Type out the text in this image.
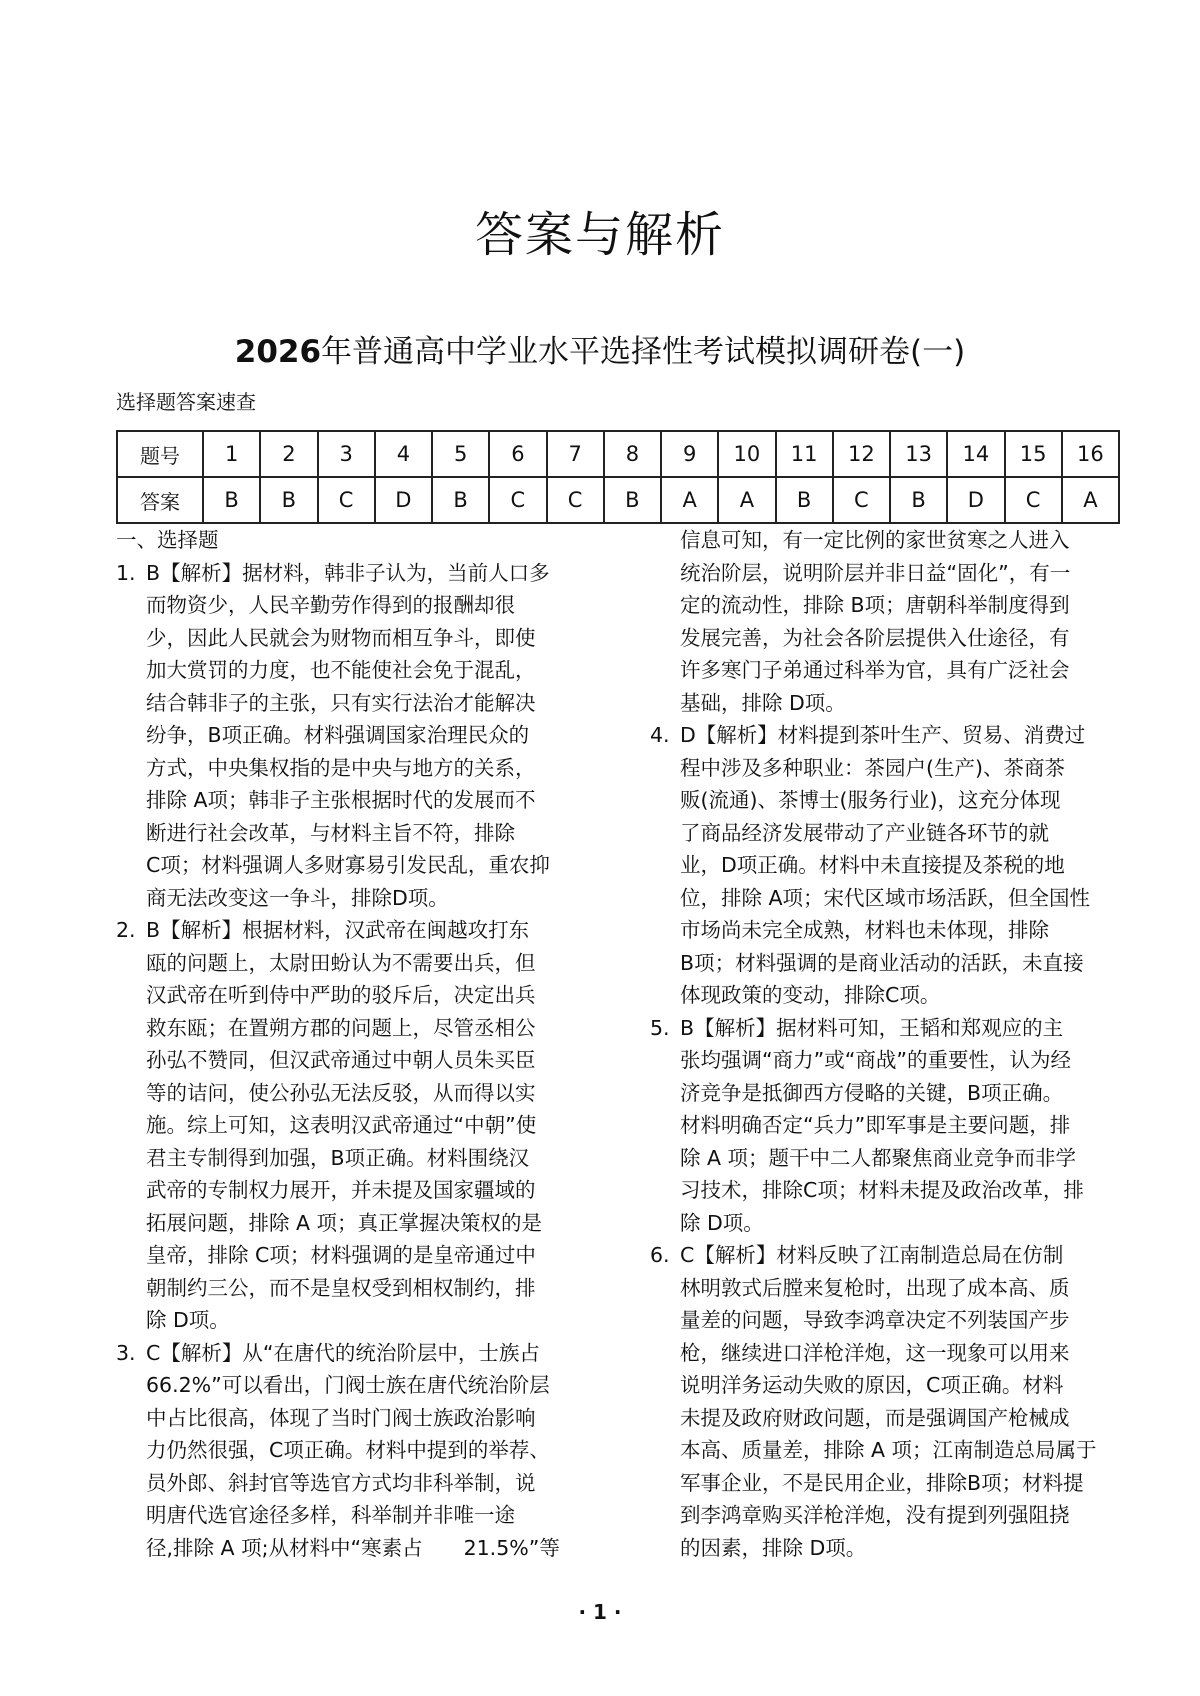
答案与解析
2026年普通高中学业水平选择性考试模拟调研卷(一)
选择题答案速查
题号	1	2	3	4	5	6	7	8	9	10	11	12	13	14	15	16
答案	B	B	C	D	B	C	C	B	A	A	B	C	B	D	C	A

一、选择题

1. B【解析】据材料，韩非子认为，当前人口多
而物资少，人民辛勤劳作得到的报酬却很
少，因此人民就会为财物而相互争斗，即使
加大赏罚的力度，也不能使社会免于混乱，
结合韩非子的主张，只有实行法治才能解决
纷争，B项正确。材料强调国家治理民众的
方式，中央集权指的是中央与地方的关系，
排除 A项；韩非子主张根据时代的发展而不
断进行社会改革，与材料主旨不符，排除
C项；材料强调人多财寡易引发民乱，重农抑
商无法改变这一争斗，排除D项。
2. B【解析】根据材料，汉武帝在闽越攻打东
瓯的问题上，太尉田蚡认为不需要出兵，但
汉武帝在听到侍中严助的驳斥后，决定出兵
救东瓯；在置朔方郡的问题上，尽管丞相公
孙弘不赞同，但汉武帝通过中朝人员朱买臣
等的诘问，使公孙弘无法反驳，从而得以实
施。综上可知，这表明汉武帝通过“中朝”使
君主专制得到加强，B项正确。材料围绕汉
武帝的专制权力展开，并未提及国家疆域的
拓展问题，排除 A 项；真正掌握决策权的是
皇帝，排除 C项；材料强调的是皇帝通过中
朝制约三公，而不是皇权受到相权制约，排
除 D项。
3. C【解析】从“在唐代的统治阶层中，士族占
66.2%”可以看出，门阀士族在唐代统治阶层
中占比很高，体现了当时门阀士族政治影响
力仍然很强，C项正确。材料中提到的举荐、
员外郎、斜封官等选官方式均非科举制，说
明唐代选官途径多样，科举制并非唯一途
径,排除 A 项;从材料中“寒素占　　21.5%”等
信息可知，有一定比例的家世贫寒之人进入
统治阶层，说明阶层并非日益“固化”，有一
定的流动性，排除 B项；唐朝科举制度得到
发展完善，为社会各阶层提供入仕途径，有
许多寒门子弟通过科举为官，具有广泛社会
基础，排除 D项。
4. D【解析】材料提到茶叶生产、贸易、消费过
程中涉及多种职业：茶园户(生产)、茶商茶
贩(流通)、茶博士(服务行业)，这充分体现
了商品经济发展带动了产业链各环节的就
业，D项正确。材料中未直接提及茶税的地
位，排除 A项；宋代区域市场活跃，但全国性
市场尚未完全成熟，材料也未体现，排除
B项；材料强调的是商业活动的活跃，未直接
体现政策的变动，排除C项。
5. B【解析】据材料可知，王韬和郑观应的主
张均强调“商力”或“商战”的重要性，认为经
济竞争是抵御西方侵略的关键，B项正确。
材料明确否定“兵力”即军事是主要问题，排
除 A 项；题干中二人都聚焦商业竞争而非学
习技术，排除C项；材料未提及政治改革，排
除 D项。
6. C【解析】材料反映了江南制造总局在仿制
林明敦式后膛来复枪时，出现了成本高、质
量差的问题，导致李鸿章决定不列装国产步
枪，继续进口洋枪洋炮，这一现象可以用来
说明洋务运动失败的原因，C项正确。材料
未提及政府财政问题，而是强调国产枪械成
本高、质量差，排除 A 项；江南制造总局属于
军事企业，不是民用企业，排除B项；材料提
到李鸿章购买洋枪洋炮，没有提到列强阻挠
的因素，排除 D项。
· 1 ·
